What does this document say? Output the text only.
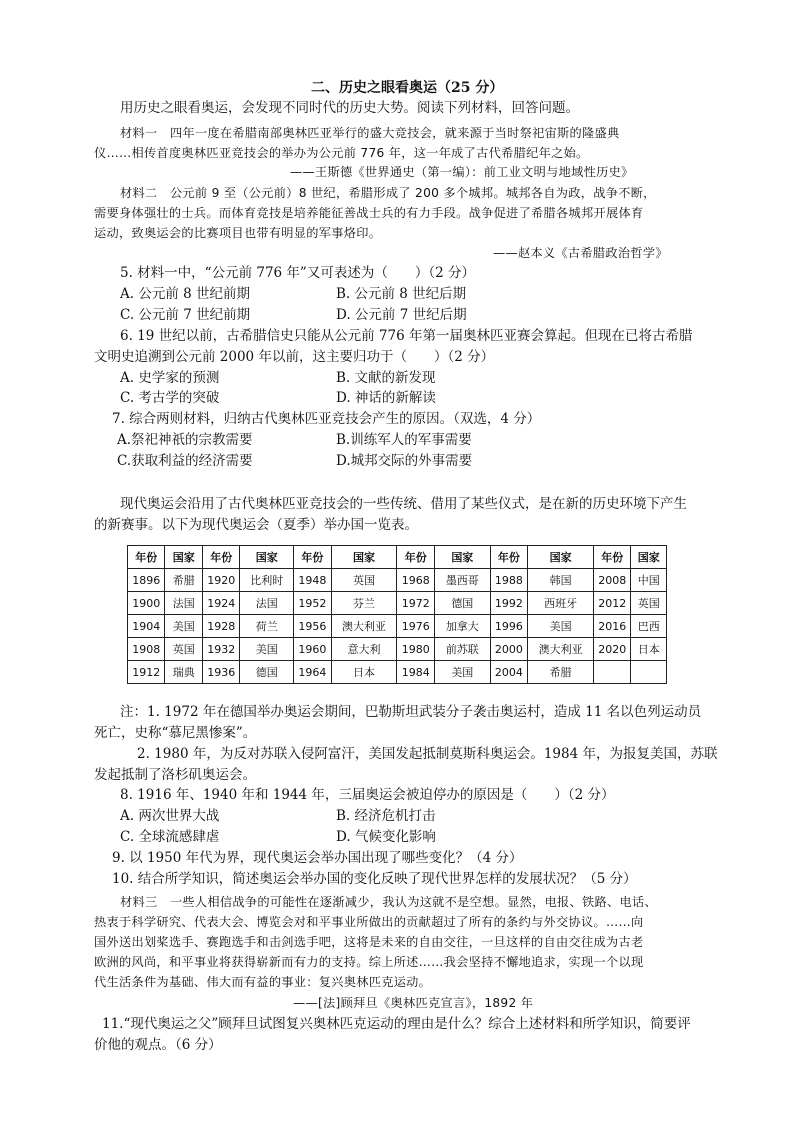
二、历史之眼看奥运（25 分）
用历史之眼看奥运，会发现不同时代的历史大势。阅读下列材料，回答问题。
材料一　四年一度在希腊南部奥林匹亚举行的盛大竞技会，就来源于当时祭祀宙斯的隆盛典
仪……相传首度奥林匹亚竞技会的举办为公元前 776 年，这一年成了古代希腊纪年之始。
——王斯德《世界通史（第一编）：前工业文明与地域性历史》
材料二　公元前 9 至（公元前）8 世纪，希腊形成了 200 多个城邦。城邦各自为政，战争不断，
需要身体强壮的士兵。而体育竞技是培养能征善战士兵的有力手段。战争促进了希腊各城邦开展体育
运动，致奥运会的比赛项目也带有明显的军事烙印。
——赵本义《古希腊政治哲学》
5. 材料一中，“公元前 776 年”又可表述为（　　）（2 分）
A. 公元前 8 世纪前期	B. 公元前 8 世纪后期
C. 公元前 7 世纪前期	D. 公元前 7 世纪后期
6. 19 世纪以前，古希腊信史只能从公元前 776 年第一届奥林匹亚赛会算起。但现在已将古希腊
文明史追溯到公元前 2000 年以前，这主要归功于（　　）（2 分）
A. 史学家的预测	B. 文献的新发现
C. 考古学的突破	D. 神话的新解读
7. 综合两则材料，归纳古代奥林匹亚竞技会产生的原因。（双选，4 分）
A.祭祀神祇的宗教需要	B.训练军人的军事需要
C.获取利益的经济需要	D.城邦交际的外事需要
现代奥运会沿用了古代奥林匹亚竞技会的一些传统、借用了某些仪式，是在新的历史环境下产生
的新赛事。以下为现代奥运会（夏季）举办国一览表。
年份	国家	年份	国家	年份	国家	年份	国家	年份	国家	年份	国家
1896	希腊	1920	比利时	1948	英国	1968	墨西哥	1988	韩国	2008	中国
1900	法国	1924	法国	1952	芬兰	1972	德国	1992	西班牙	2012	英国
1904	美国	1928	荷兰	1956	澳大利亚	1976	加拿大	1996	美国	2016	巴西
1908	英国	1932	美国	1960	意大利	1980	前苏联	2000	澳大利亚	2020	日本
1912	瑞典	1936	德国	1964	日本	1984	美国	2004	希腊		
注：1. 1972 年在德国举办奥运会期间，巴勒斯坦武装分子袭击奥运村，造成 11 名以色列运动员
死亡，史称“慕尼黑惨案”。
2. 1980 年，为反对苏联入侵阿富汗，美国发起抵制莫斯科奥运会。1984 年，为报复美国，苏联
发起抵制了洛杉矶奥运会。
8. 1916 年、1940 年和 1944 年，三届奥运会被迫停办的原因是（　　）（2 分）
A. 两次世界大战	B. 经济危机打击
C. 全球流感肆虐	D. 气候变化影响
9. 以 1950 年代为界，现代奥运会举办国出现了哪些变化？（4 分）
10. 结合所学知识，简述奥运会举办国的变化反映了现代世界怎样的发展状况？（5 分）
材料三　一些人相信战争的可能性在逐渐减少，我认为这就不是空想。显然，电报、铁路、电话、
热衷于科学研究、代表大会、博览会对和平事业所做出的贡献超过了所有的条约与外交协议。……向
国外送出划桨选手、赛跑选手和击剑选手吧，这将是未来的自由交往，一旦这样的自由交往成为古老
欧洲的风尚，和平事业将获得崭新而有力的支持。综上所述……我会坚持不懈地追求，实现一个以现
代生活条件为基础、伟大而有益的事业：复兴奥林匹克运动。
——[法]顾拜旦《奥林匹克宣言》，1892 年
11.“现代奥运之父”顾拜旦试图复兴奥林匹克运动的理由是什么？综合上述材料和所学知识，简要评
价他的观点。（6 分）
